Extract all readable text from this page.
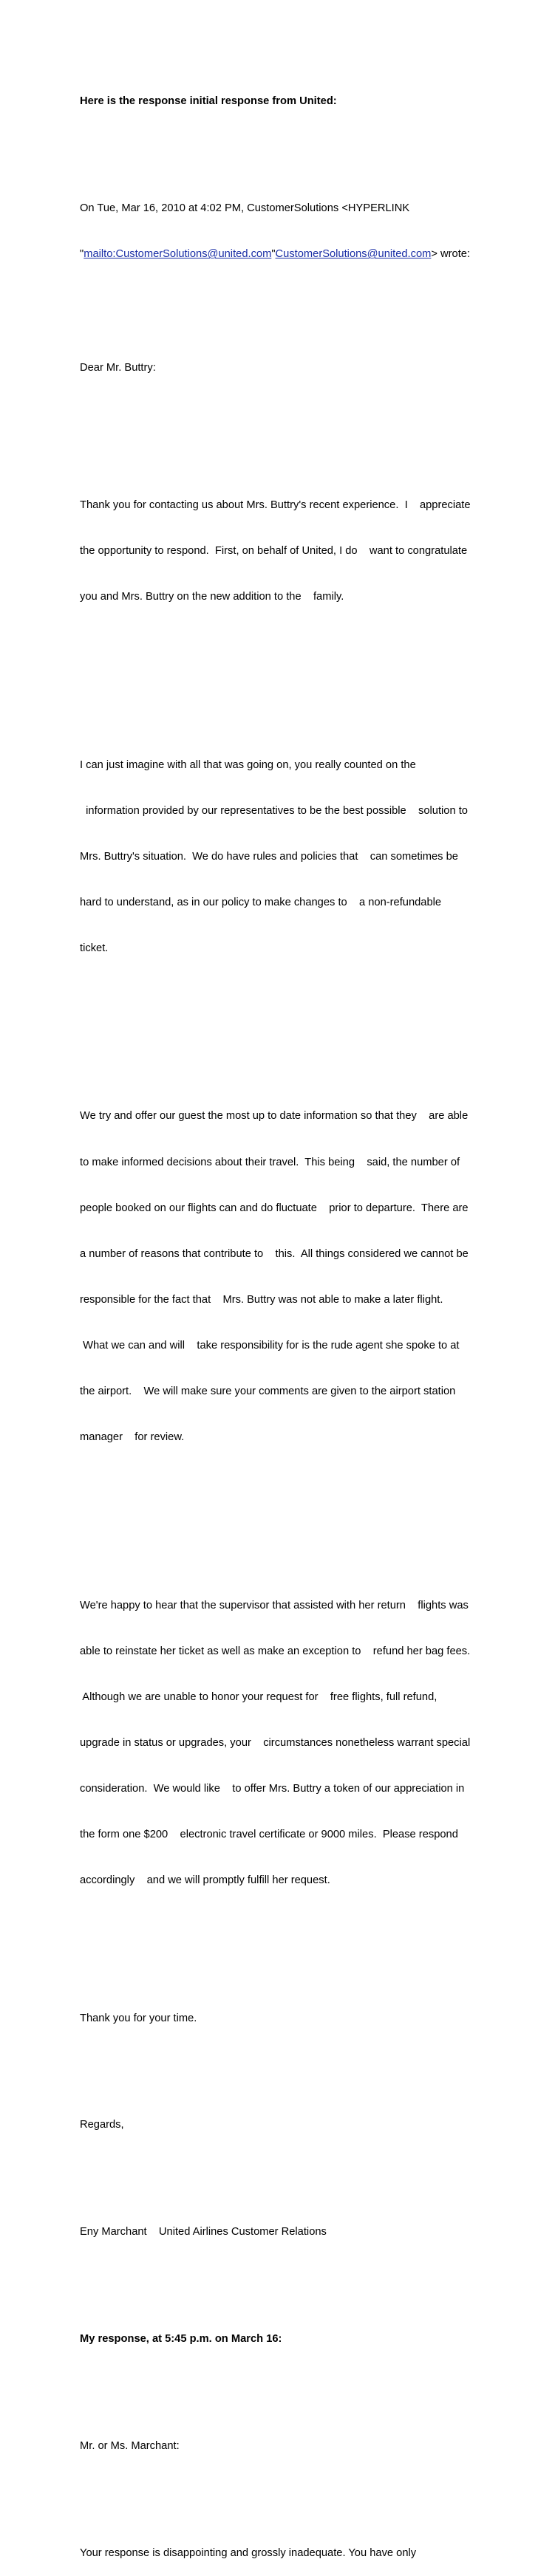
Here is the response initial response from United:

On Tue, Mar 16, 2010 at 4:02 PM, CustomerSolutions <HYPERLINK

"mailto:CustomerSolutions@united.com"CustomerSolutions@united.com> wrote:

Dear Mr. Buttry:

Thank you for contacting us about Mrs. Buttry's recent experience.  I    appreciate

the opportunity to respond.  First, on behalf of United, I do    want to congratulate

you and Mrs. Buttry on the new addition to the    family.

I can just imagine with all that was going on, you really counted on the

information provided by our representatives to be the best possible    solution to

Mrs. Buttry's situation.  We do have rules and policies that    can sometimes be

hard to understand, as in our policy to make changes to    a non-refundable

ticket.

We try and offer our guest the most up to date information so that they    are able

to make informed decisions about their travel.  This being    said, the number of

people booked on our flights can and do fluctuate    prior to departure.  There are

a number of reasons that contribute to    this.  All things considered we cannot be

responsible for the fact that    Mrs. Buttry was not able to make a later flight.

What we can and will    take responsibility for is the rude agent she spoke to at

the airport.    We will make sure your comments are given to the airport station

manager    for review.

We're happy to hear that the supervisor that assisted with her return    flights was

able to reinstate her ticket as well as make an exception to    refund her bag fees.

Although we are unable to honor your request for    free flights, full refund,

upgrade in status or upgrades, your    circumstances nonetheless warrant special

consideration.  We would like    to offer Mrs. Buttry a token of our appreciation in

the form one $200    electronic travel certificate or 9000 miles.  Please respond

accordingly    and we will promptly fulfill her request.

Thank you for your time.

Regards,

Eny Marchant    United Airlines Customer Relations

My response, at 5:45 p.m. on March 16:

Mr. or Ms. Marchant:

Your response is disappointing and grossly inadequate. You have only
